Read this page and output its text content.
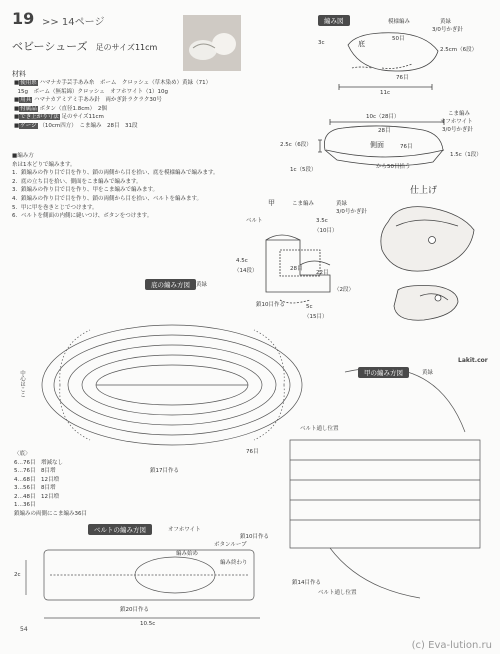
19 >> 14ページ
ベビーシューズ 足のサイズ11cm
材料
■使用糸 ハマナカ手芸手あみ糸　ボーム　クロッシェ（草木染め）黄緑（71）
15g　ボーム（無垢綿）クロッシェ　オフホワイト（1）10g
■用具 ハマナカアミアミ手あみ針　両かぎ針ラクラク30号
■付属品 ボタン（直径1.8cm）　2個
■でき上がり寸法 足のサイズ11cm
■ゲージ （10cm四方）　こま編み　28目　31段
■編み方
糸は1本どりで編みます。
1．鎖編みの作り目で目を作り、鎖の両側から目を拾い、底を模様編みで編みます。
2．底の立ち目を拾い、側面をこま編みで編みます。
3．鎖編みの作り目で目を作り、甲をこま編みで編みます。
4．鎖編みの作り目で目を作り、鎖の両側から目を拾い、ベルトを編みます。
5．甲に甲を巻きとじでつけます。
6．ベルトを側面の内側に縫いつけ、ボタンをつけます。
編み図
底の編み方図	黄緑
ベルトの編み方図	オフホワイト
甲の編み方図	黄緑
仕上げ
底
黄緑
3/0号かぎ針
模様編み
50目
76目
2.5cm（6段）
3c
11c
側面
10c（28目）
28目
こま編み
オフホワイト
3/0号かぎ針
2.5c（6段）
1.5c（1段）
1c（5段）	から50目拾う
76目
甲	こま編み	黄緑
3/0号かぎ針
3.5c
（10目）
28目
4.5c
（14段）	22目
5c
（15目）
（2段）
鎖10目作る
ベルト
〈底〉
6…76目　増減なし
5…76目　8目増
4…68目　12目増
3…56目　8目増
2…48目　12目増
1…36目
鎖編みの両側にこま編み36目
鎖17目作る
76目
中心はここ
ボタンループ
鎖10目作る
編み始め
編み終わり
2c
鎖20目作る
10.5c
ベルト通し位置
ベルト通し位置
鎖14目作る
54
Lakit.cor
(c) Eva-lution.ru
